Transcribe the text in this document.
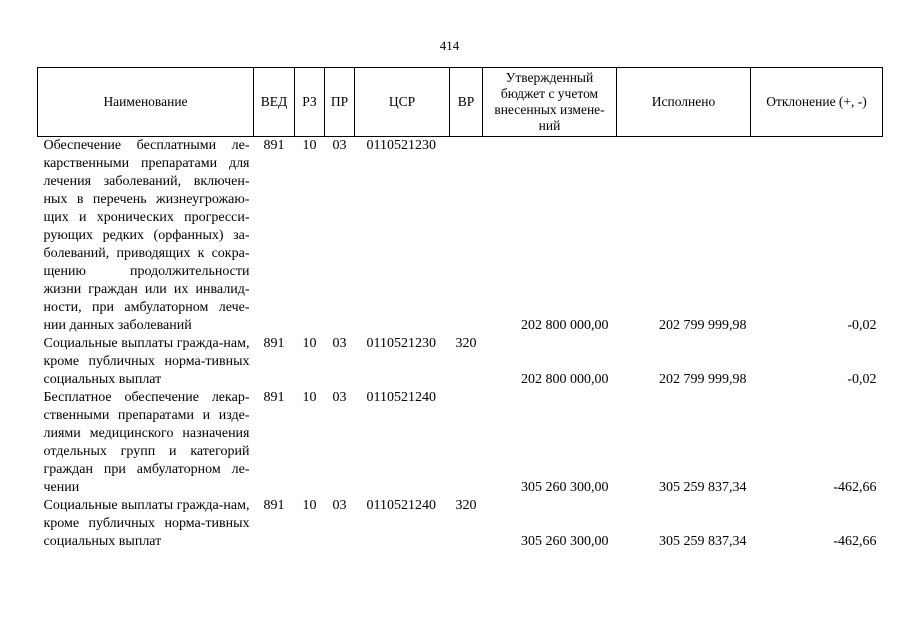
414
Наименование	ВЕД	РЗ	ПР	ЦСР	ВР	Утвержденный бюджет с учетом внесенных измене-ний	Исполнено	Отклонение (+, -)
Обеспечение бесплатными ле-карственными препаратами для лечения заболеваний, включен-ных в перечень жизнеугрожаю-щих и хронических прогресси-рующих редких (орфанных) за-болеваний, приводящих к сокра-щению продолжительности жизни граждан или их инвалид-ности, при амбулаторном лече-нии данных заболеваний	891	10	03	0110521230		202 800 000,00	202 799 999,98	-0,02
Социальные выплаты гражда-нам, кроме публичных норма-тивных социальных выплат	891	10	03	0110521230	320	202 800 000,00	202 799 999,98	-0,02
Бесплатное обеспечение лекар-ственными препаратами и изде-лиями медицинского назначения отдельных групп и категорий граждан при амбулаторном ле-чении	891	10	03	0110521240		305 260 300,00	305 259 837,34	-462,66
Социальные выплаты гражда-нам, кроме публичных норма-тивных социальных выплат	891	10	03	0110521240	320	305 260 300,00	305 259 837,34	-462,66
